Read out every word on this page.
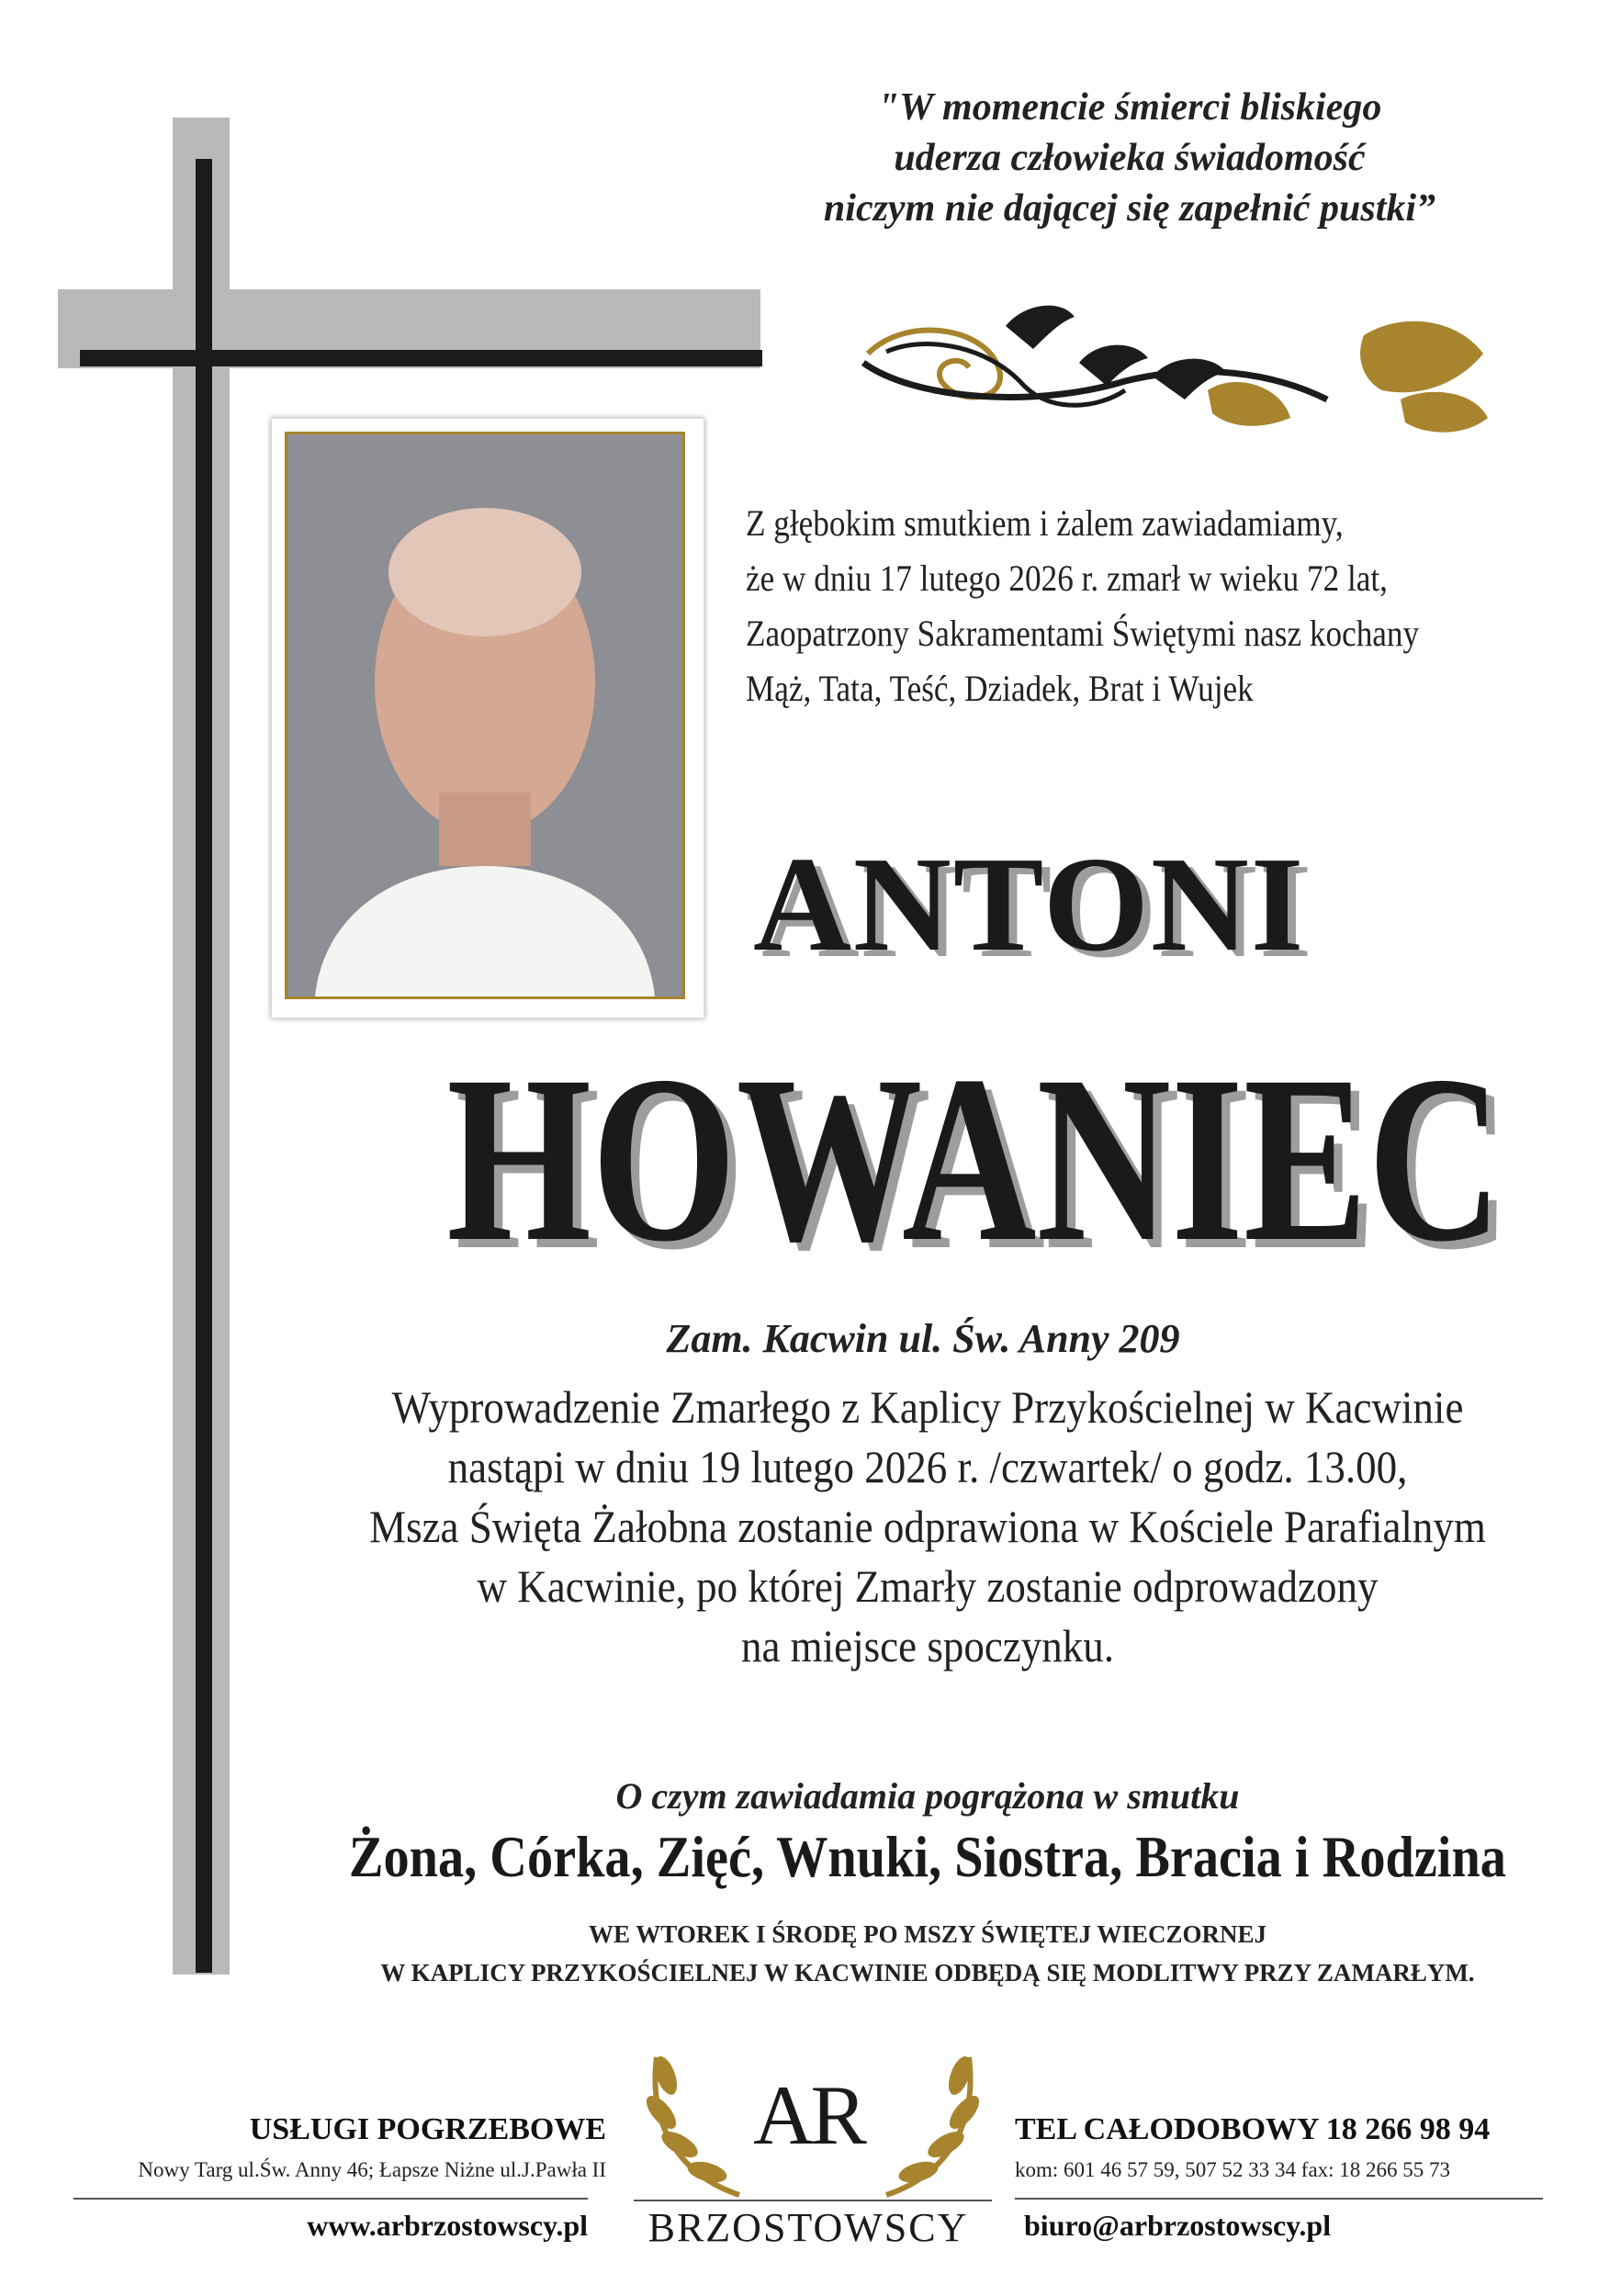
"W momencie śmierci bliskiego
uderza człowieka świadomość
niczym nie dającej się zapełnić pustki”
Z głębokim smutkiem i żalem zawiadamiamy,
że w dniu 17 lutego 2026 r. zmarł w wieku 72 lat,
Zaopatrzony Sakramentami Świętymi nasz kochany
Mąż, Tata, Teść, Dziadek, Brat i Wujek
ANTONI
HOWANIEC
Zam. Kacwin ul. Św. Anny 209
Wyprowadzenie Zmarłego z Kaplicy Przykościelnej w Kacwinie
nastąpi w dniu 19 lutego 2026 r. /czwartek/ o godz. 13.00,
Msza Święta Żałobna zostanie odprawiona w Kościele Parafialnym
w Kacwinie, po której Zmarły zostanie odprowadzony
na miejsce spoczynku.
O czym zawiadamia pogrążona w smutku
Żona, Córka, Zięć, Wnuki, Siostra, Bracia i Rodzina
WE WTOREK I ŚRODĘ PO MSZY ŚWIĘTEJ WIECZORNEJ
W KAPLICY PRZYKOŚCIELNEJ W KACWINIE ODBĘDĄ SIĘ MODLITWY PRZY ZAMARŁYM.
USŁUGI POGRZEBOWE
Nowy Targ ul.Św. Anny 46; Łapsze Niżne ul.J.Pawła II
www.arbrzostowscy.pl
AR
BRZOSTOWSCY
TEL CAŁODOBOWY 18 266 98 94
kom: 601 46 57 59, 507 52 33 34 fax: 18 266 55 73
biuro@arbrzostowscy.pl
